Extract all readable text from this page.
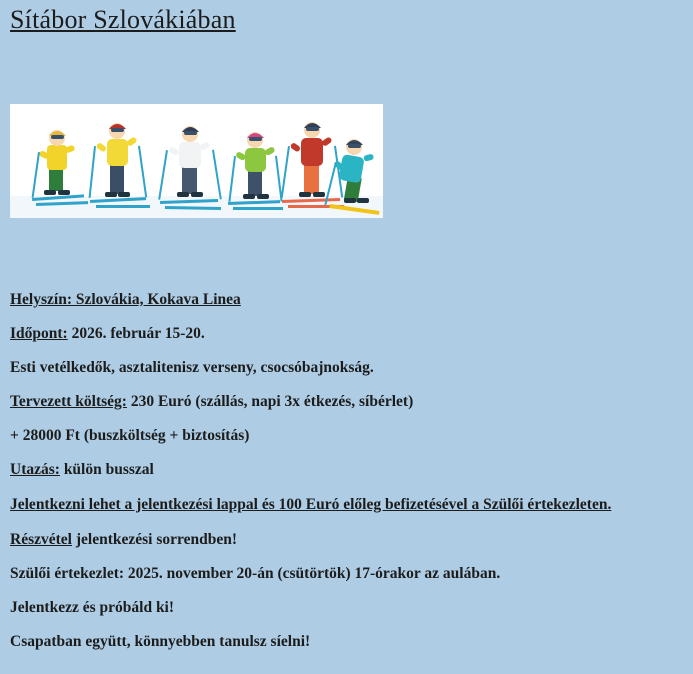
Sítábor Szlovákiában
Helyszín: Szlovákia, Kokava Linea
Időpont: 2026. február 15-20.
Esti vetélkedők, asztalitenisz verseny, csocsóbajnokság.
Tervezett költség: 230 Euró (szállás, napi 3x étkezés, síbérlet)
+ 28000 Ft (buszköltség + biztosítás)
Utazás: külön busszal
Jelentkezni lehet a jelentkezési lappal és 100 Euró előleg befizetésével a Szülői értekezleten.
Részvétel jelentkezési sorrendben!
Szülői értekezlet: 2025. november 20-án (csütörtök) 17-órakor az aulában.
Jelentkezz és próbáld ki!
Csapatban együtt, könnyebben tanulsz síelni!
